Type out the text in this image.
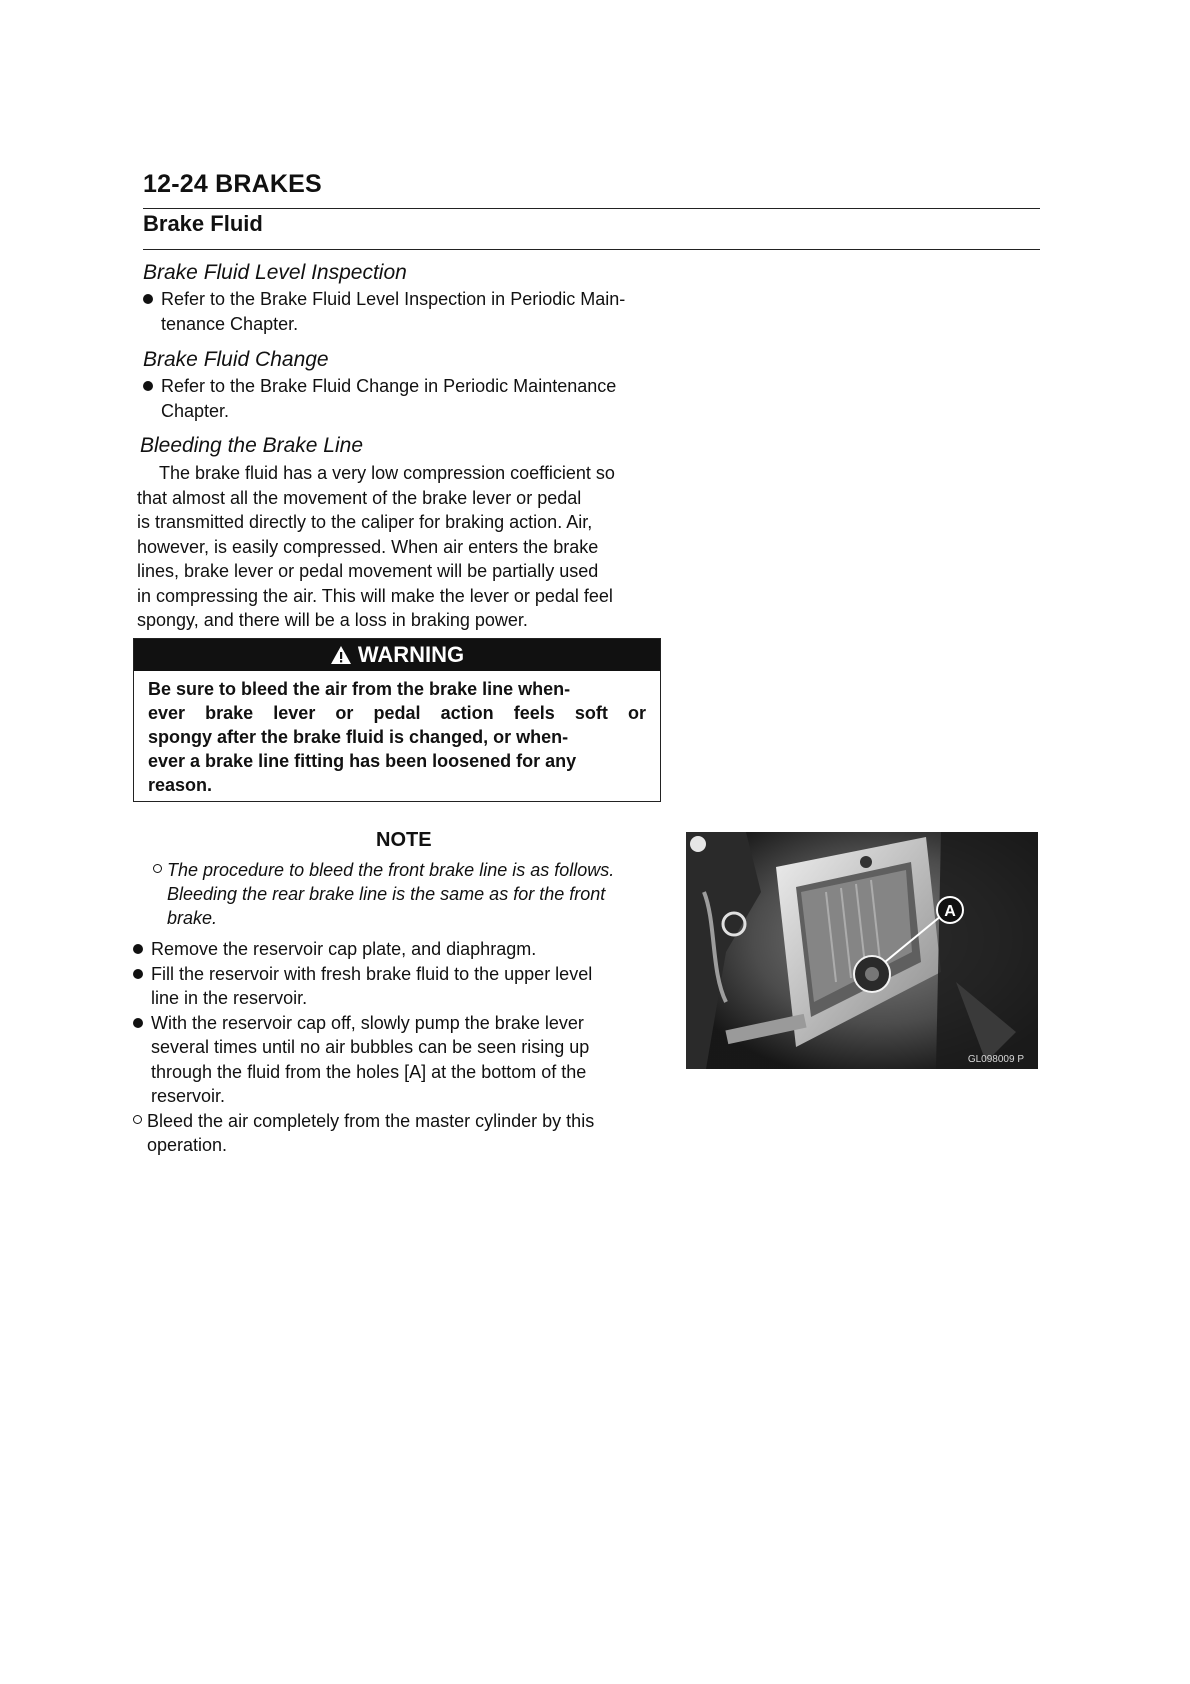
12-24 BRAKES
Brake Fluid
Brake Fluid Level Inspection
Refer to the Brake Fluid Level Inspection in Periodic Main-
tenance Chapter.
Brake Fluid Change
Refer to the Brake Fluid Change in Periodic Maintenance
Chapter.
Bleeding the Brake Line
The brake fluid has a very low compression coefficient so
that almost all the movement of the brake lever or pedal
is transmitted directly to the caliper for braking action. Air,
however, is easily compressed. When air enters the brake
lines, brake lever or pedal movement will be partially used
in compressing the air. This will make the lever or pedal feel
spongy, and there will be a loss in braking power.
WARNING
Be sure to bleed the air from the brake line when-
ever brake lever or pedal action feels soft or
spongy after the brake fluid is changed, or when-
ever a brake line fitting has been loosened for any
reason.
NOTE
The procedure to bleed the front brake line is as follows.
Bleeding the rear brake line is the same as for the front
brake.
Remove the reservoir cap plate, and diaphragm.
Fill the reservoir with fresh brake fluid to the upper level
line in the reservoir.
With the reservoir cap off, slowly pump the brake lever
several times until no air bubbles can be seen rising up
through the fluid from the holes [A] at the bottom of the
reservoir.
Bleed the air completely from the master cylinder by this
operation.
A
GL098009 P
